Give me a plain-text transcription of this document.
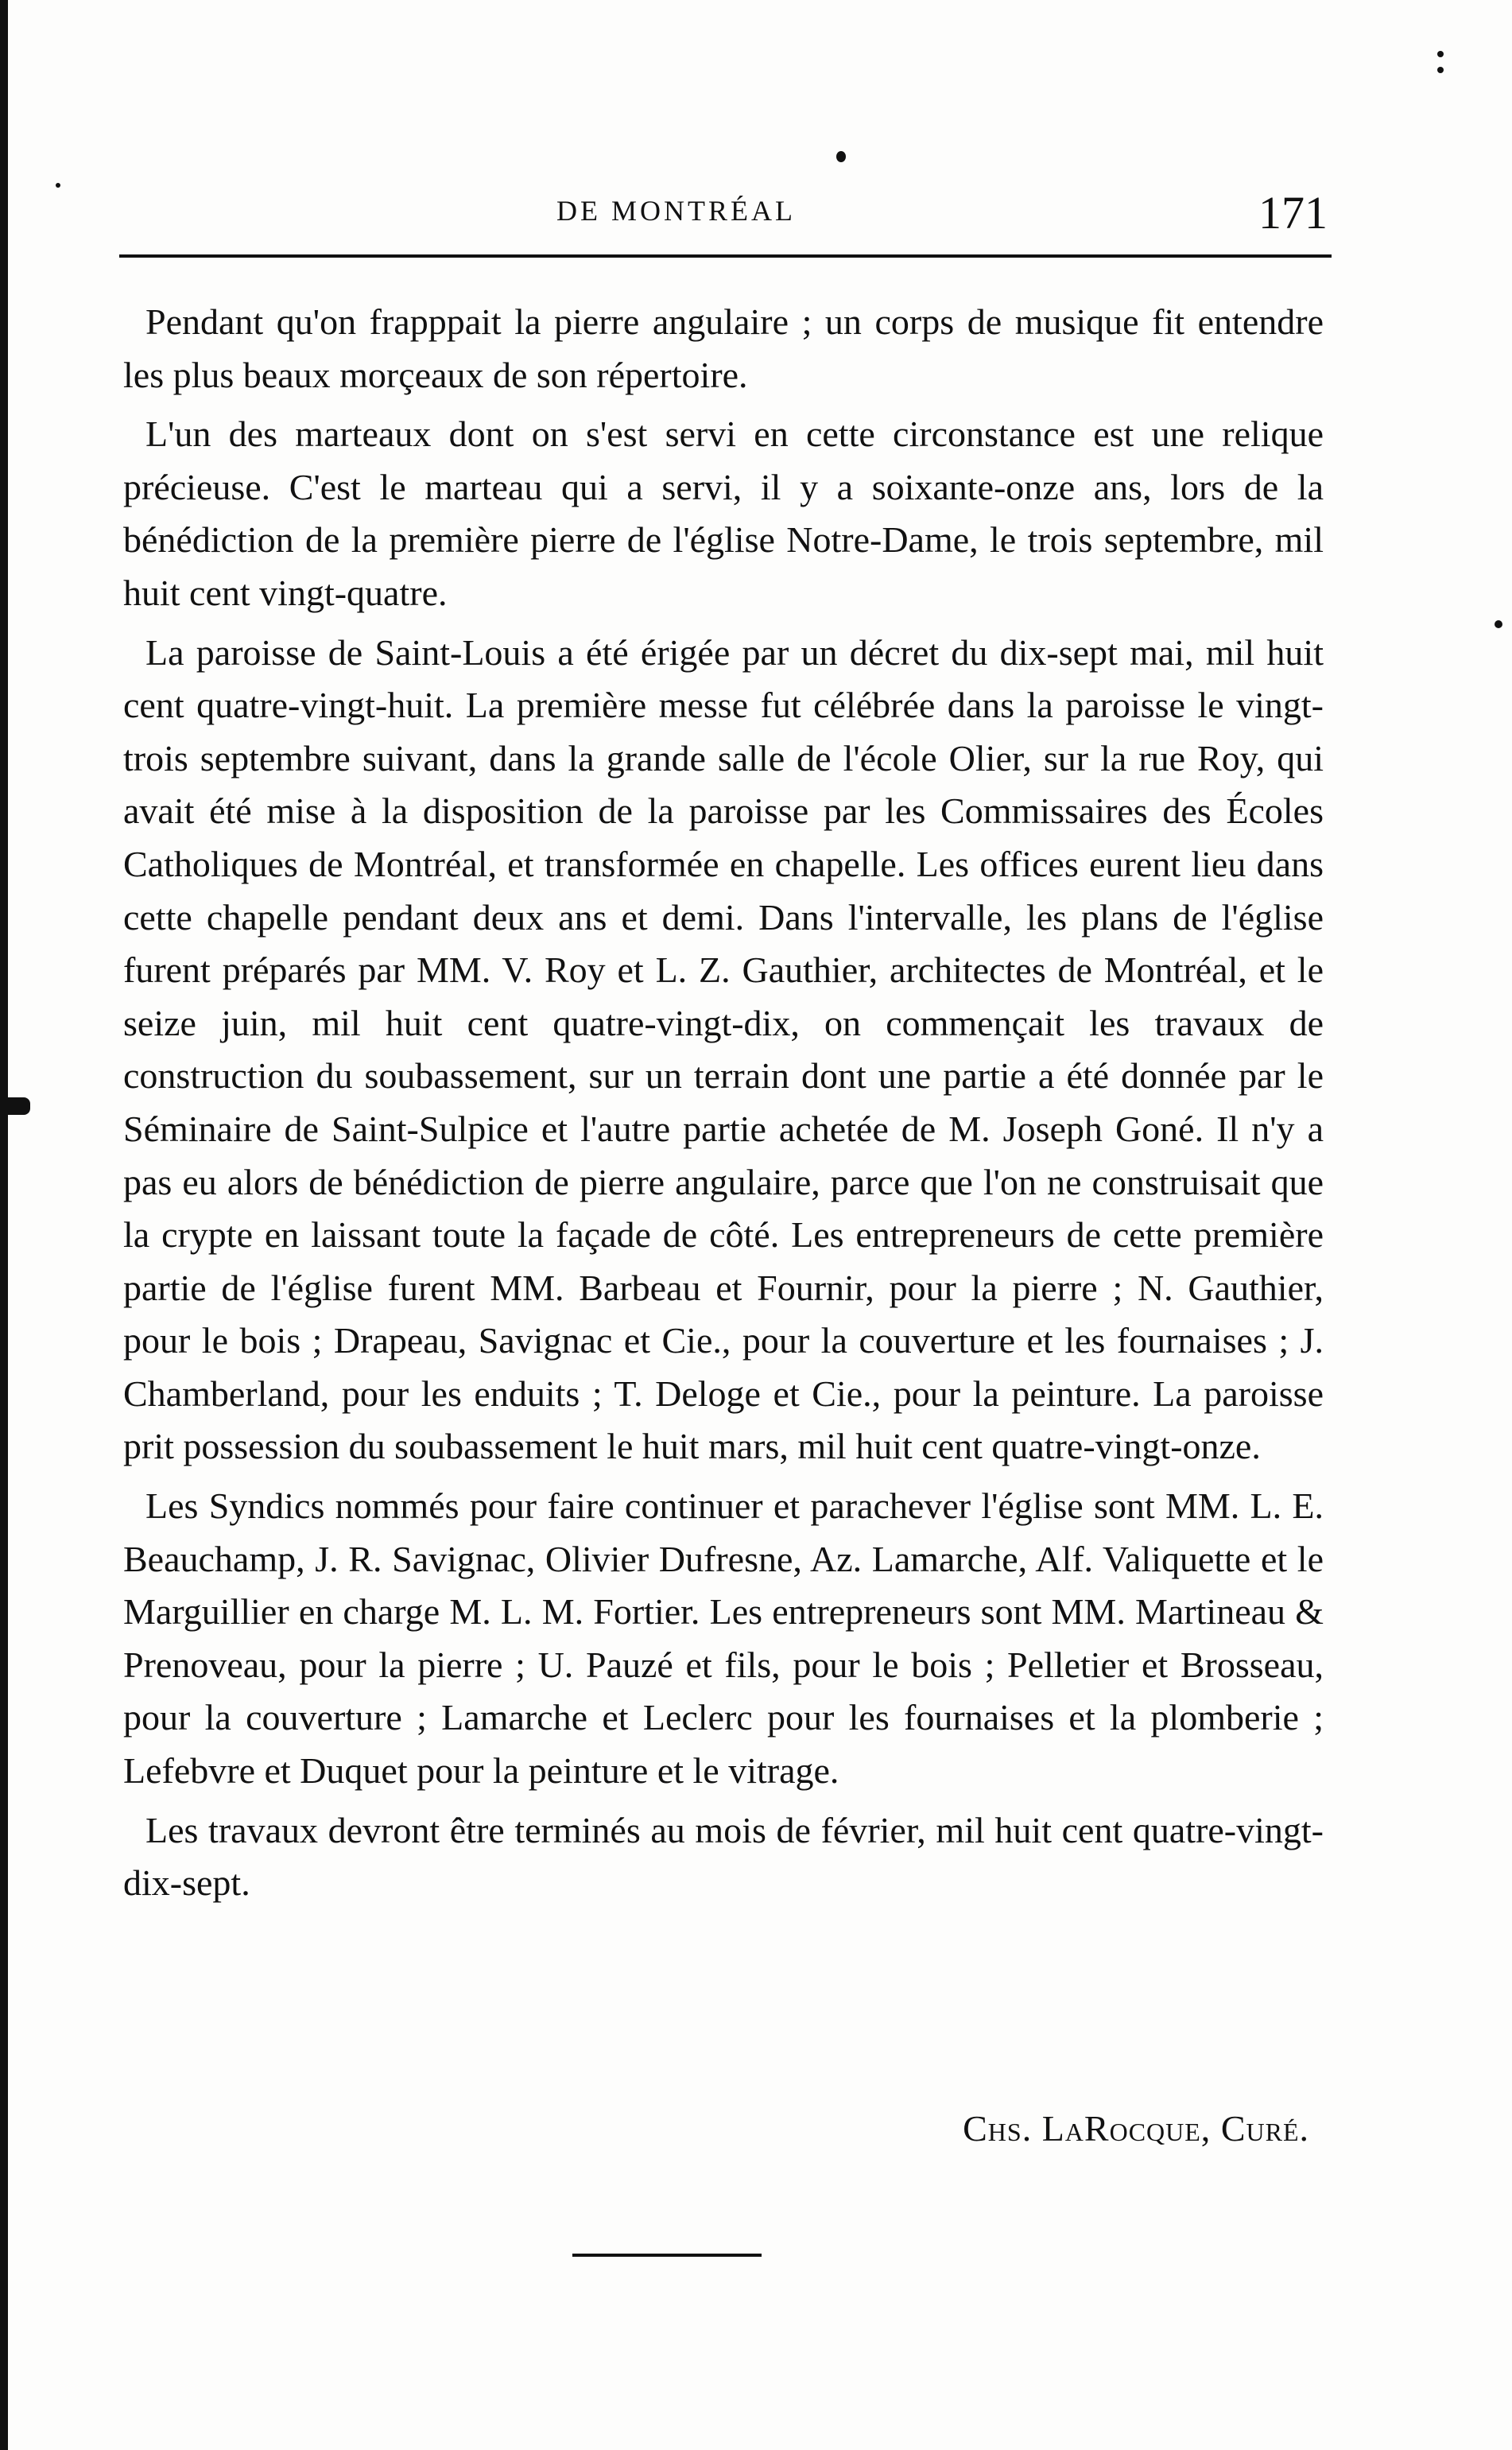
DE MONTRÉAL	171

Pendant qu'on frapppait la pierre angulaire ; un corps de musique fit entendre les plus beaux morçeaux de son répertoire.

L'un des marteaux dont on s'est servi en cette circonstance est une relique précieuse. C'est le marteau qui a servi, il y a soixante-onze ans, lors de la bénédiction de la première pierre de l'église Notre-Dame, le trois septembre, mil huit cent vingt-quatre.

La paroisse de Saint-Louis a été érigée par un décret du dix-sept mai, mil huit cent quatre-vingt-huit. La première messe fut célébrée dans la paroisse le vingt-trois septembre suivant, dans la grande salle de l'école Olier, sur la rue Roy, qui avait été mise à la disposition de la paroisse par les Commissaires des Écoles Catholiques de Montréal, et transformée en chapelle. Les offices eurent lieu dans cette chapelle pendant deux ans et demi. Dans l'intervalle, les plans de l'église furent préparés par MM. V. Roy et L. Z. Gauthier, architectes de Montréal, et le seize juin, mil huit cent quatre-vingt-dix, on commençait les travaux de construction du soubassement, sur un terrain dont une partie a été donnée par le Séminaire de Saint-Sulpice et l'autre partie achetée de M. Joseph Goné. Il n'y a pas eu alors de bénédiction de pierre angulaire, parce que l'on ne construisait que la crypte en laissant toute la façade de côté. Les entrepreneurs de cette première partie de l'église furent MM. Barbeau et Fournir, pour la pierre ; N. Gauthier, pour le bois ; Drapeau, Savignac et Cie., pour la couverture et les fournaises ; J. Chamberland, pour les enduits ; T. Deloge et Cie., pour la peinture. La paroisse prit possession du soubassement le huit mars, mil huit cent quatre-vingt-onze.

Les Syndics nommés pour faire continuer et parachever l'église sont MM. L. E. Beauchamp, J. R. Savignac, Olivier Dufresne, Az. Lamarche, Alf. Valiquette et le Marguillier en charge M. L. M. Fortier. Les entrepreneurs sont MM. Martineau & Prenoveau, pour la pierre ; U. Pauzé et fils, pour le bois ; Pelletier et Brosseau, pour la couverture ; Lamarche et Leclerc pour les fournaises et la plomberie ; Lefebvre et Duquet pour la peinture et le vitrage.

Les travaux devront être terminés au mois de février, mil huit cent quatre-vingt-dix-sept.

Chs. LaRocque, Curé.
